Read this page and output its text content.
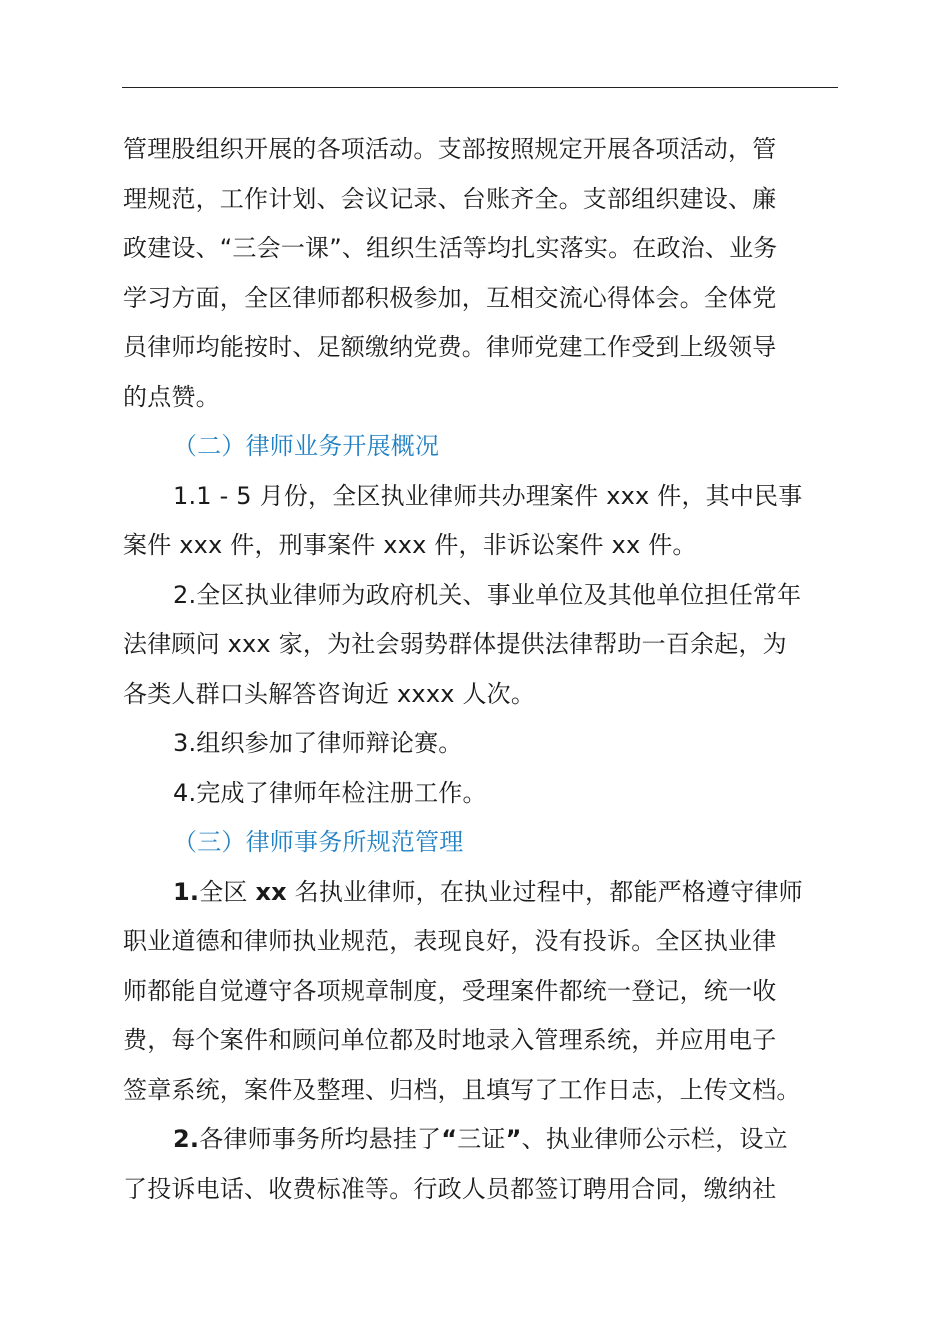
管理股组织开展的各项活动。支部按照规定开展各项活动，管
理规范，工作计划、会议记录、台账齐全。支部组织建设、廉
政建设、“三会一课”、组织生活等均扎实落实。在政治、业务
学习方面，全区律师都积极参加，互相交流心得体会。全体党
员律师均能按时、足额缴纳党费。律师党建工作受到上级领导
的点赞。
（二）律师业务开展概况
1.1 - 5 月份，全区执业律师共办理案件 xxx 件，其中民事
案件 xxx 件，刑事案件 xxx 件，非诉讼案件 xx 件。
2.全区执业律师为政府机关、事业单位及其他单位担任常年
法律顾问 xxx 家，为社会弱势群体提供法律帮助一百余起，为
各类人群口头解答咨询近 xxxx 人次。
3.组织参加了律师辩论赛。
4.完成了律师年检注册工作。
（三）律师事务所规范管理
1.全区 xx 名执业律师，在执业过程中，都能严格遵守律师
职业道德和律师执业规范，表现良好，没有投诉。全区执业律
师都能自觉遵守各项规章制度，受理案件都统一登记，统一收
费，每个案件和顾问单位都及时地录入管理系统，并应用电子
签章系统，案件及整理、归档，且填写了工作日志，上传文档。
2.各律师事务所均悬挂了“三证”、执业律师公示栏，设立
了投诉电话、收费标准等。行政人员都签订聘用合同，缴纳社
